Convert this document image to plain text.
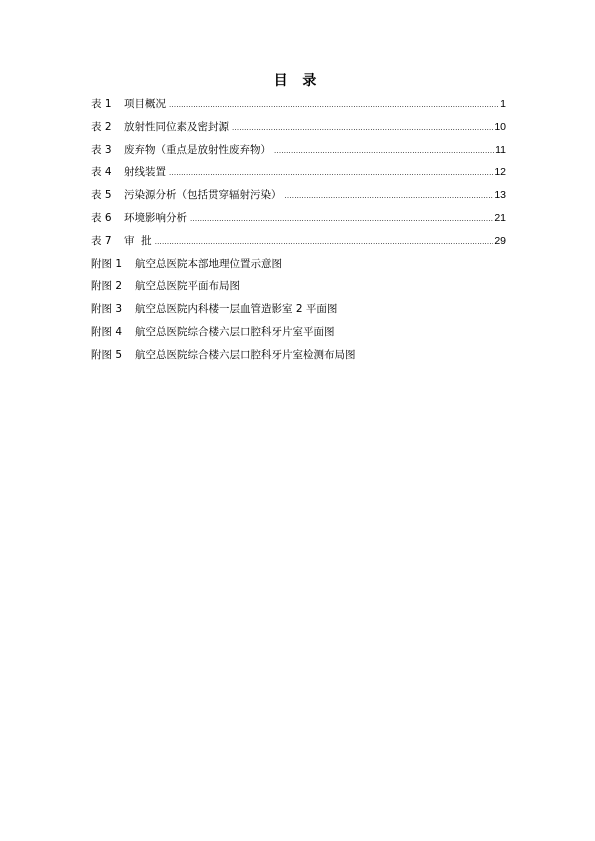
目 录
表 1	项目概况 .....	1
表 2	放射性同位素及密封源 .....	10
表 3	废弃物（重点是放射性废弃物） .....	11
表 4	射线装置 .....	12
表 5	污染源分析（包括贯穿辐射污染） .....	13
表 6	环境影响分析 .....	21
表 7	审  批 .....	29
附图 1	航空总医院本部地理位置示意图
附图 2	航空总医院平面布局图
附图 3	航空总医院内科楼一层血管造影室 2 平面图
附图 4	航空总医院综合楼六层口腔科牙片室平面图
附图 5	航空总医院综合楼六层口腔科牙片室检测布局图
